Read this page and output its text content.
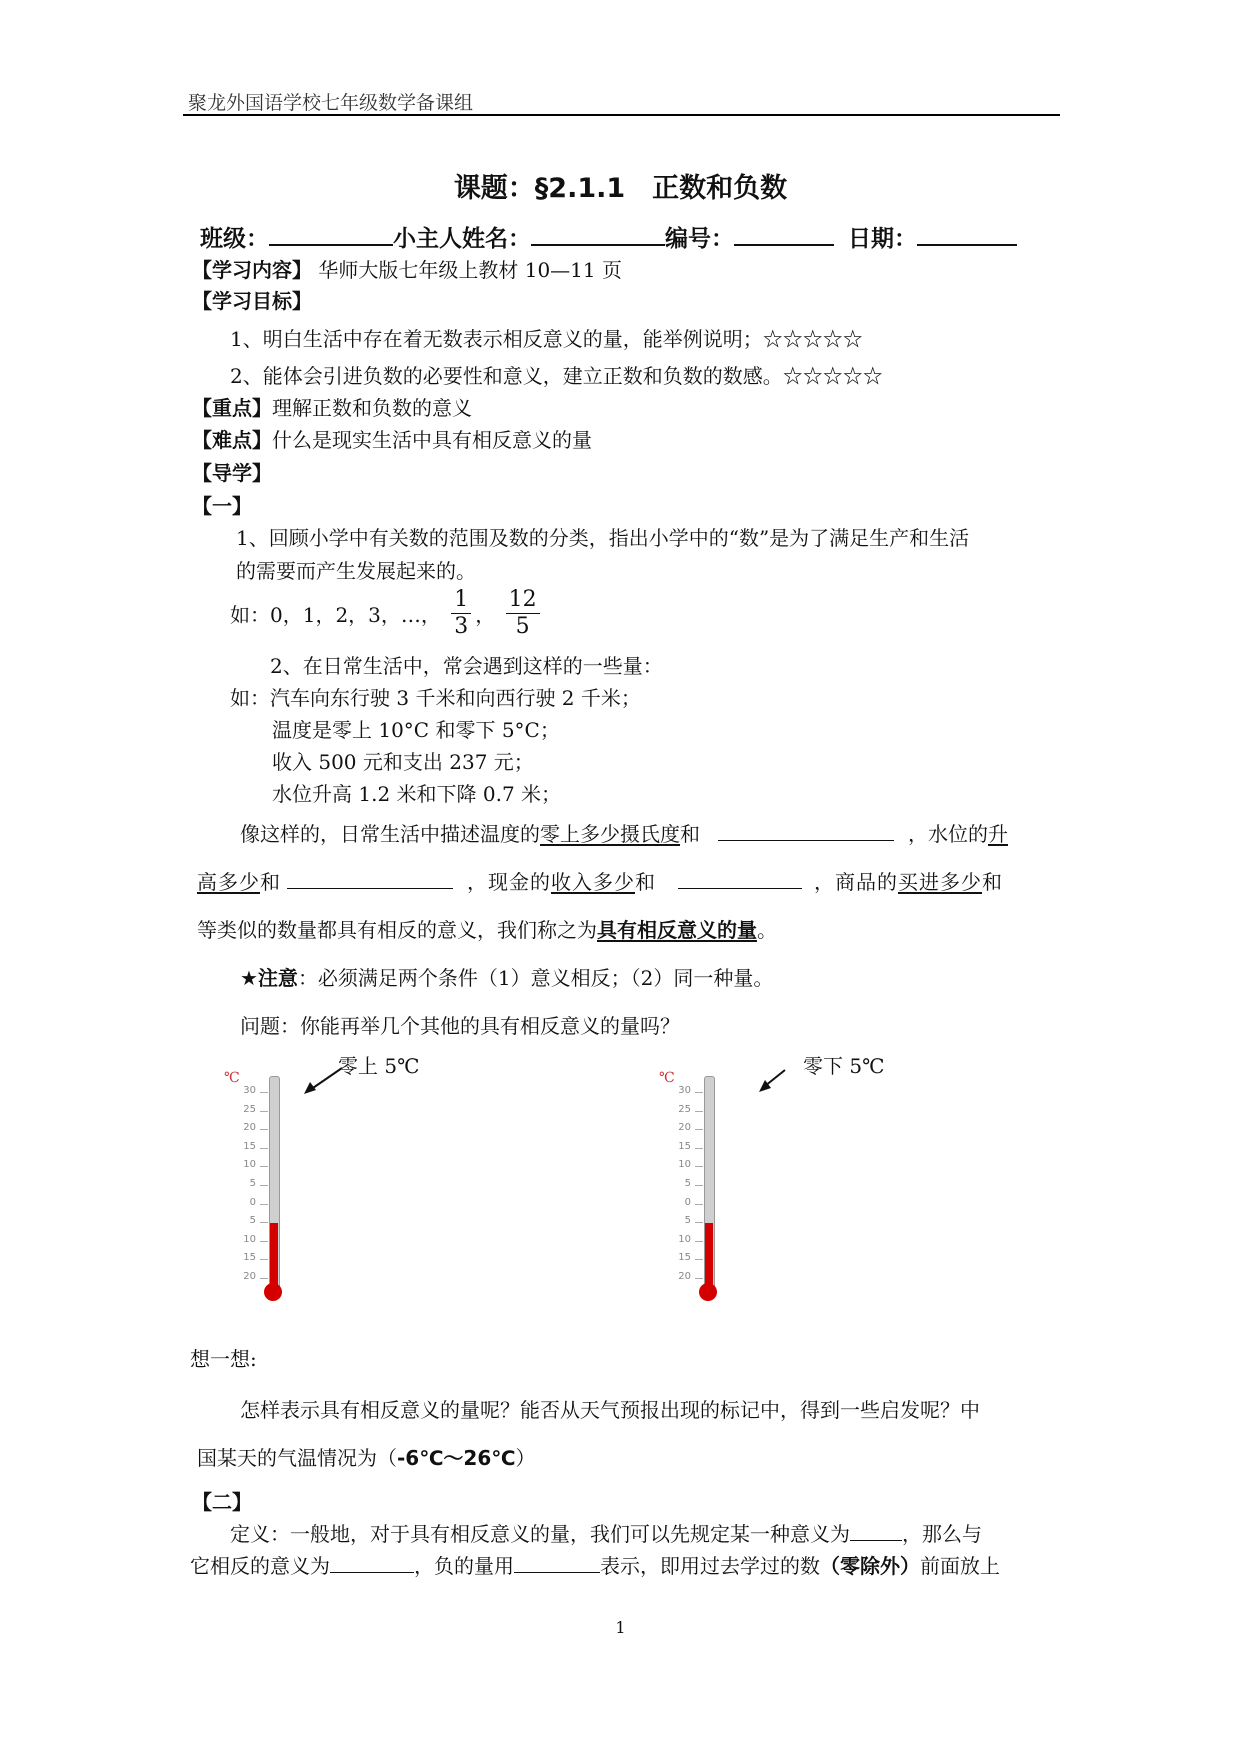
聚龙外国语学校七年级数学备课组
课题：§2.1.1　正数和负数
班级：	小主人姓名：	编号：	日期：
【学习内容】 华师大版七年级上教材 10—11 页
【学习目标】
1、明白生活中存在着无数表示相反意义的量，能举例说明；☆☆☆☆☆
2、能体会引进负数的必要性和意义，建立正数和负数的数感。☆☆☆☆☆
【重点】理解正数和负数的意义
【难点】什么是现实生活中具有相反意义的量
【导学】
【一】
1、回顾小学中有关数的范围及数的分类，指出小学中的“数”是为了满足生产和生活
的需要而产生发展起来的。
如：0，1，2，3，…， $\frac{1}{3}$ ， $\frac{12}{5}$
2、在日常生活中，常会遇到这样的一些量：
如：汽车向东行驶 3 千米和向西行驶 2 千米；
温度是零上 10°C 和零下 5°C；
收入 500 元和支出 237 元；
水位升高 1.2 米和下降 0.7 米；
像这样的，日常生活中描述温度的零上多少摄氏度和	，水位的升
高多少和	，现金的收入多少和	，商品的买进多少和
等类似的数量都具有相反的意义，我们称之为具有相反意义的量。
★注意：必须满足两个条件（1）意义相反；（2）同一种量。
问题：你能再举几个其他的具有相反意义的量吗？
零上 5℃
℃
30
25
20
15
10
5
0
5
10
15
20
零下 5℃
℃
30
25
20
15
10
5
0
5
10
15
20
想一想:
怎样表示具有相反意义的量呢？能否从天气预报出现的标记中，得到一些启发呢？中
国某天的气温情况为（-6℃～26℃）
【二】
定义：一般地，对于具有相反意义的量，我们可以先规定某一种意义为	，那么与
它相反的意义为	，负的量用	表示，即用过去学过的数（零除外）前面放上
1
